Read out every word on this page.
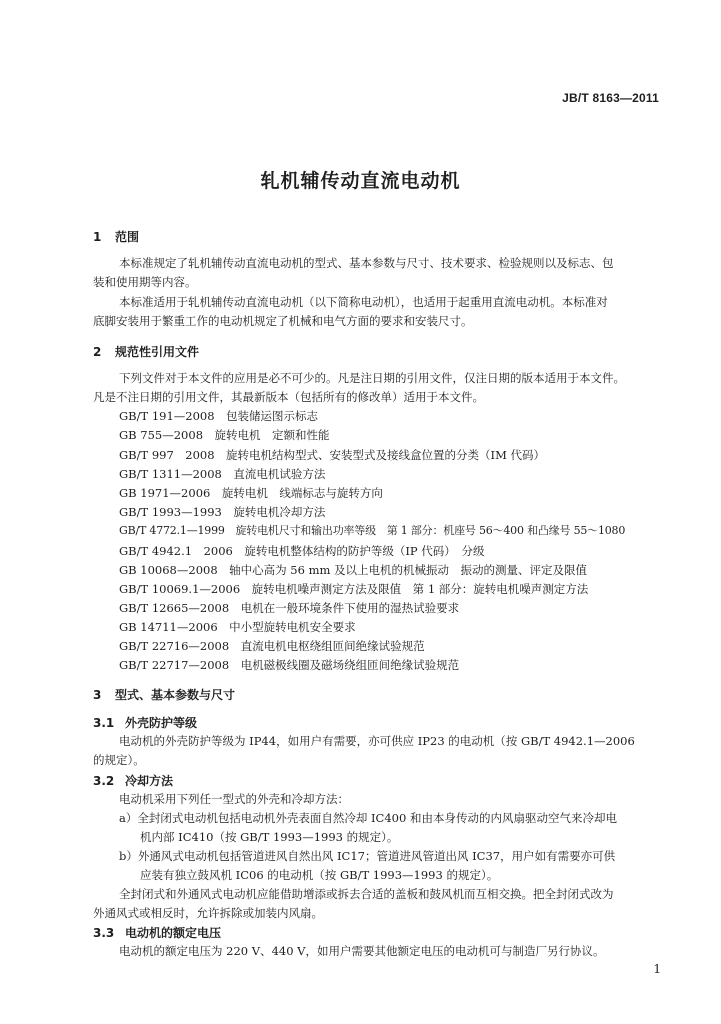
JB/T 8163—2011
轧机辅传动直流电动机
1 范围
本标准规定了轧机辅传动直流电动机的型式、基本参数与尺寸、技术要求、检验规则以及标志、包
装和使用期等内容。
本标准适用于轧机辅传动直流电动机（以下简称电动机），也适用于起重用直流电动机。本标准对
底脚安装用于繁重工作的电动机规定了机械和电气方面的要求和安装尺寸。
2 规范性引用文件
下列文件对于本文件的应用是必不可少的。凡是注日期的引用文件，仅注日期的版本适用于本文件。
凡是不注日期的引用文件，其最新版本（包括所有的修改单）适用于本文件。
GB/T 191—2008　包装储运图示标志
GB 755—2008　旋转电机　定额和性能
GB/T 997　2008　旋转电机结构型式、安装型式及接线盒位置的分类（IM 代码）
GB/T 1311—2008　直流电机试验方法
GB 1971—2006　旋转电机　线端标志与旋转方向
GB/T 1993—1993　旋转电机冷却方法
GB/T 4772.1—1999　旋转电机尺寸和输出功率等级　第 1 部分：机座号 56～400 和凸缘号 55～1080
GB/T 4942.1　2006　旋转电机整体结构的防护等级（IP 代码）　分级
GB 10068—2008　轴中心高为 56 mm 及以上电机的机械振动　振动的测量、评定及限值
GB/T 10069.1—2006　旋转电机噪声测定方法及限值　第 1 部分：旋转电机噪声测定方法
GB/T 12665—2008　电机在一般环境条件下使用的湿热试验要求
GB 14711—2006　中小型旋转电机安全要求
GB/T 22716—2008　直流电机电枢绕组匝间绝缘试验规范
GB/T 22717—2008　电机磁极线圈及磁场绕组匝间绝缘试验规范
3 型式、基本参数与尺寸
3.1 外壳防护等级
电动机的外壳防护等级为 IP44，如用户有需要，亦可供应 IP23 的电动机（按 GB/T 4942.1—2006
的规定）。
3.2 冷却方法
电动机采用下列任一型式的外壳和冷却方法：
a）全封闭式电动机包括电动机外壳表面自然冷却 IC400 和由本身传动的内风扇驱动空气来冷却电
机内部 IC410（按 GB/T 1993—1993 的规定）。
b）外通风式电动机包括管道进风自然出风 IC17；管道进风管道出风 IC37，用户如有需要亦可供
应装有独立鼓风机 IC06 的电动机（按 GB/T 1993—1993 的规定）。
全封闭式和外通风式电动机应能借助增添或拆去合适的盖板和鼓风机而互相交换。把全封闭式改为
外通风式或相反时，允许拆除或加装内风扇。
3.3 电动机的额定电压
电动机的额定电压为 220 V、440 V，如用户需要其他额定电压的电动机可与制造厂另行协议。
1
